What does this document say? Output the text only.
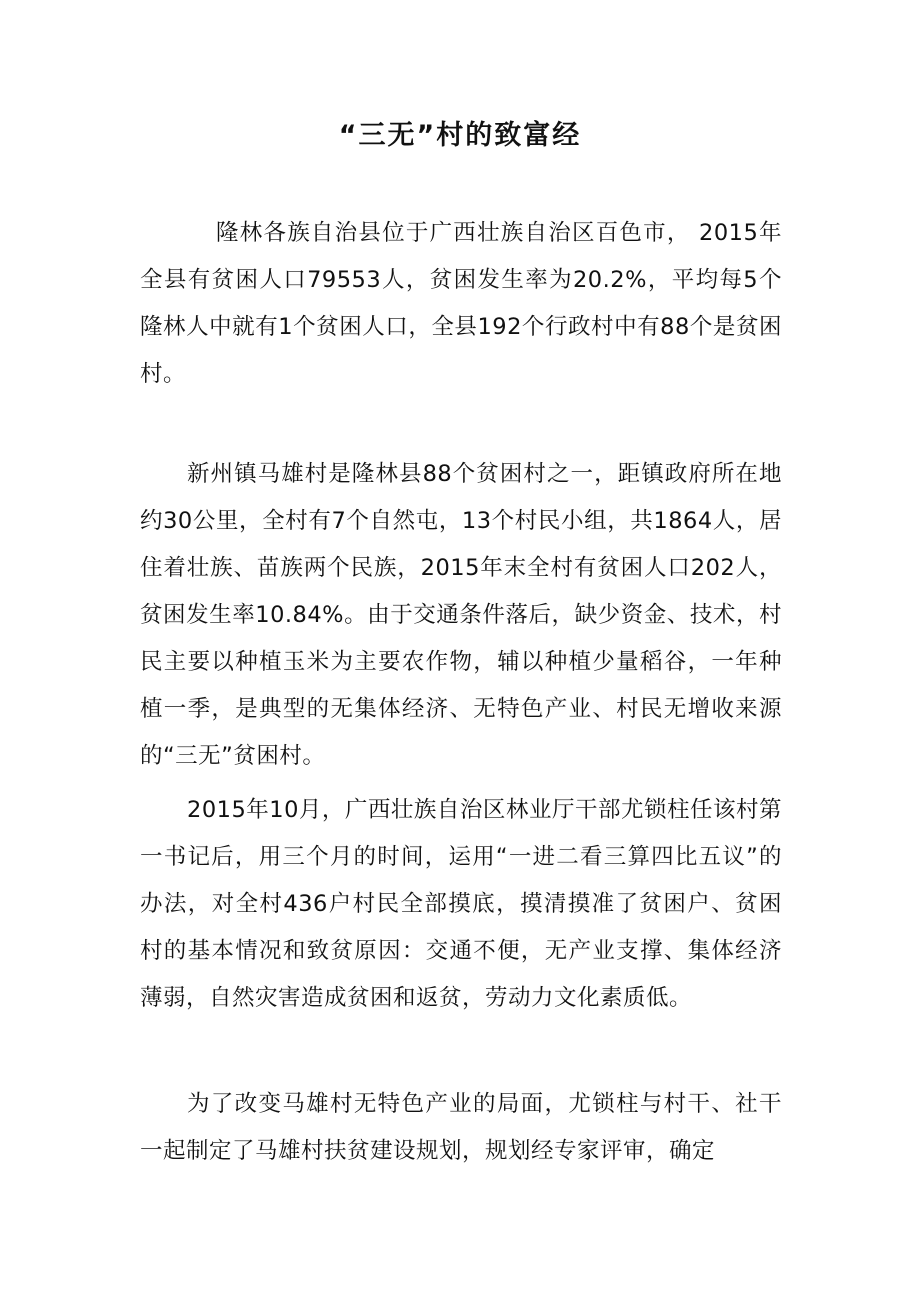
“三无”村的致富经

隆林各族自治县位于广西壮族自治区百色市， 2015年全县有贫困人口79553人，贫困发生率为20.2%，平均每5个隆林人中就有1个贫困人口，全县192个行政村中有88个是贫困村。

新州镇马雄村是隆林县88个贫困村之一，距镇政府所在地约30公里，全村有7个自然屯，13个村民小组，共1864人，居住着壮族、苗族两个民族，2015年末全村有贫困人口202人，贫困发生率10.84%。由于交通条件落后，缺少资金、技术，村民主要以种植玉米为主要农作物，辅以种植少量稻谷，一年种植一季，是典型的无集体经济、无特色产业、村民无增收来源的“三无”贫困村。

2015年10月，广西壮族自治区林业厅干部尤锁柱任该村第一书记后，用三个月的时间，运用“一进二看三算四比五议”的办法，对全村436户村民全部摸底，摸清摸准了贫困户、贫困村的基本情况和致贫原因：交通不便，无产业支撑、集体经济薄弱，自然灾害造成贫困和返贫，劳动力文化素质低。

为了改变马雄村无特色产业的局面，尤锁柱与村干、社干一起制定了马雄村扶贫建设规划，规划经专家评审，确定
